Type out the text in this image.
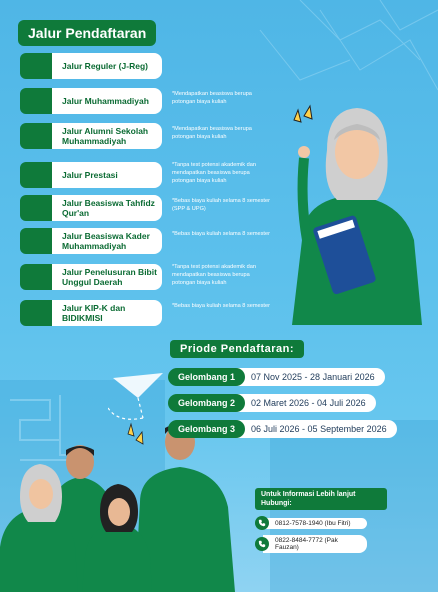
Jalur Pendaftaran
Jalur Reguler (J-Reg)
Jalur Muhammadiyah
*Mendapatkan beasiswa berupa potongan biaya kuliah
Jalur Alumni Sekolah Muhammadiyah
*Mendapatkan beasiswa berupa potongan biaya kuliah
Jalur Prestasi
*Tanpa test potensi akademik dan mendapatkan beasiswa berupa potongan biaya kuliah
Jalur Beasiswa Tahfidz Qur'an
*Bebas biaya kuliah selama 8 semester (SPP & UPG)
Jalur Beasiswa Kader Muhammadiyah
*Bebas biaya kuliah selama 8 semester
Jalur Penelusuran Bibit Unggul Daerah
*Tanpa test potensi akademik dan mendapatkan beasiswa berupa potongan biaya kuliah
Jalur KIP-K dan BIDIKMISI
*Bebas biaya kuliah selama 8 semester
Priode Pendaftaran:
Gelombang 1	07 Nov 2025 - 28 Januari 2026
Gelombang 2	02 Maret 2026 - 04 Juli 2026
Gelombang 3	06 Juli 2026 - 05 September 2026
Untuk Informasi Lebih lanjut Hubungi:
0812-7578-1940 (Ibu Fitri)
0822-8484-7772 (Pak Fauzan)
